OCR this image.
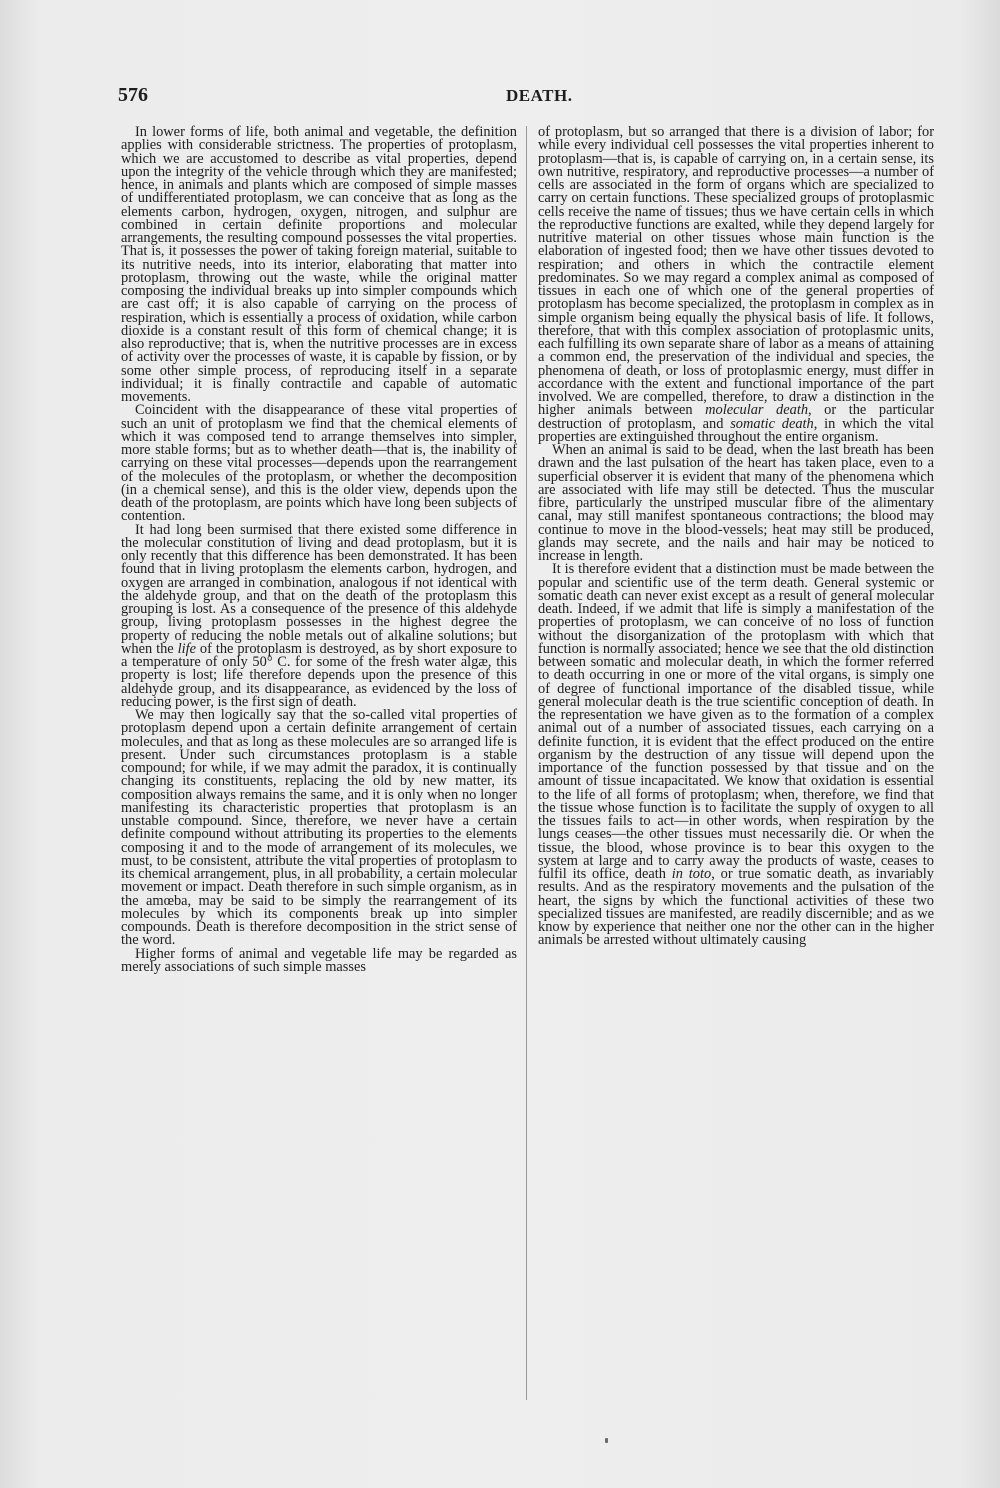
576	DEATH.

In lower forms of life, both animal and vegetable, the definition applies with considerable strictness. The properties of protoplasm, which we are accustomed to describe as vital properties, depend upon the integrity of the vehicle through which they are manifested; hence, in animals and plants which are composed of simple masses of undifferentiated protoplasm, we can conceive that as long as the elements carbon, hydrogen, oxygen, nitrogen, and sulphur are combined in certain definite proportions and molecular arrangements, the resulting compound possesses the vital properties. That is, it possesses the power of taking foreign material, suitable to its nutritive needs, into its interior, elaborating that matter into protoplasm, throwing out the waste, while the original matter composing the individual breaks up into simpler compounds which are cast off; it is also capable of carrying on the process of respiration, which is essentially a process of oxidation, while carbon dioxide is a constant result of this form of chemical change; it is also reproductive; that is, when the nutritive processes are in excess of activity over the processes of waste, it is capable by fission, or by some other simple process, of reproducing itself in a separate individual; it is finally contractile and capable of automatic movements.

Coincident with the disappearance of these vital properties of such an unit of protoplasm we find that the chemical elements of which it was composed tend to arrange themselves into simpler, more stable forms; but as to whether death—that is, the inability of carrying on these vital processes—depends upon the rearrangement of the molecules of the protoplasm, or whether the decomposition (in a chemical sense), and this is the older view, depends upon the death of the protoplasm, are points which have long been subjects of contention.

It had long been surmised that there existed some difference in the molecular constitution of living and dead protoplasm, but it is only recently that this difference has been demonstrated. It has been found that in living protoplasm the elements carbon, hydrogen, and oxygen are arranged in combination, analogous if not identical with the aldehyde group, and that on the death of the protoplasm this grouping is lost. As a consequence of the presence of this aldehyde group, living protoplasm possesses in the highest degree the property of reducing the noble metals out of alkaline solutions; but when the life of the protoplasm is destroyed, as by short exposure to a temperature of only 50° C. for some of the fresh water algæ, this property is lost; life therefore depends upon the presence of this aldehyde group, and its disappearance, as evidenced by the loss of reducing power, is the first sign of death.

We may then logically say that the so-called vital properties of protoplasm depend upon a certain definite arrangement of certain molecules, and that as long as these molecules are so arranged life is present. Under such circumstances protoplasm is a stable compound; for while, if we may admit the paradox, it is continually changing its constituents, replacing the old by new matter, its composition always remains the same, and it is only when no longer manifesting its characteristic properties that protoplasm is an unstable compound. Since, therefore, we never have a certain definite compound without attributing its properties to the elements composing it and to the mode of arrangement of its molecules, we must, to be consistent, attribute the vital properties of protoplasm to its chemical arrangement, plus, in all probability, a certain molecular movement or impact. Death therefore in such simple organism, as in the amœba, may be said to be simply the rearrangement of its molecules by which its components break up into simpler compounds. Death is therefore decomposition in the strict sense of the word.

Higher forms of animal and vegetable life may be regarded as merely associations of such simple masses

of protoplasm, but so arranged that there is a division of labor; for while every individual cell possesses the vital properties inherent to protoplasm—that is, is capable of carrying on, in a certain sense, its own nutritive, respiratory, and reproductive processes—a number of cells are associated in the form of organs which are specialized to carry on certain functions. These specialized groups of protoplasmic cells receive the name of tissues; thus we have certain cells in which the reproductive functions are exalted, while they depend largely for nutritive material on other tissues whose main function is the elaboration of ingested food; then we have other tissues devoted to respiration; and others in which the contractile element predominates. So we may regard a complex animal as composed of tissues in each one of which one of the general properties of protoplasm has become specialized, the protoplasm in complex as in simple organism being equally the physical basis of life. It follows, therefore, that with this complex association of protoplasmic units, each fulfilling its own separate share of labor as a means of attaining a common end, the preservation of the individual and species, the phenomena of death, or loss of protoplasmic energy, must differ in accordance with the extent and functional importance of the part involved. We are compelled, therefore, to draw a distinction in the higher animals between molecular death, or the particular destruction of protoplasm, and somatic death, in which the vital properties are extinguished throughout the entire organism.

When an animal is said to be dead, when the last breath has been drawn and the last pulsation of the heart has taken place, even to a superficial observer it is evident that many of the phenomena which are associated with life may still be detected. Thus the muscular fibre, particularly the unstriped muscular fibre of the alimentary canal, may still manifest spontaneous contractions; the blood may continue to move in the blood-vessels; heat may still be produced, glands may secrete, and the nails and hair may be noticed to increase in length.

It is therefore evident that a distinction must be made between the popular and scientific use of the term death. General systemic or somatic death can never exist except as a result of general molecular death. Indeed, if we admit that life is simply a manifestation of the properties of protoplasm, we can conceive of no loss of function without the disorganization of the protoplasm with which that function is normally associated; hence we see that the old distinction between somatic and molecular death, in which the former referred to death occurring in one or more of the vital organs, is simply one of degree of functional importance of the disabled tissue, while general molecular death is the true scientific conception of death. In the representation we have given as to the formation of a complex animal out of a number of associated tissues, each carrying on a definite function, it is evident that the effect produced on the entire organism by the destruction of any tissue will depend upon the importance of the function possessed by that tissue and on the amount of tissue incapacitated. We know that oxidation is essential to the life of all forms of protoplasm; when, therefore, we find that the tissue whose function is to facilitate the supply of oxygen to all the tissues fails to act—in other words, when respiration by the lungs ceases—the other tissues must necessarily die. Or when the tissue, the blood, whose province is to bear this oxygen to the system at large and to carry away the products of waste, ceases to fulfil its office, death in toto, or true somatic death, as invariably results. And as the respiratory movements and the pulsation of the heart, the signs by which the functional activities of these two specialized tissues are manifested, are readily discernible; and as we know by experience that neither one nor the other can in the higher animals be arrested without ultimately causing
